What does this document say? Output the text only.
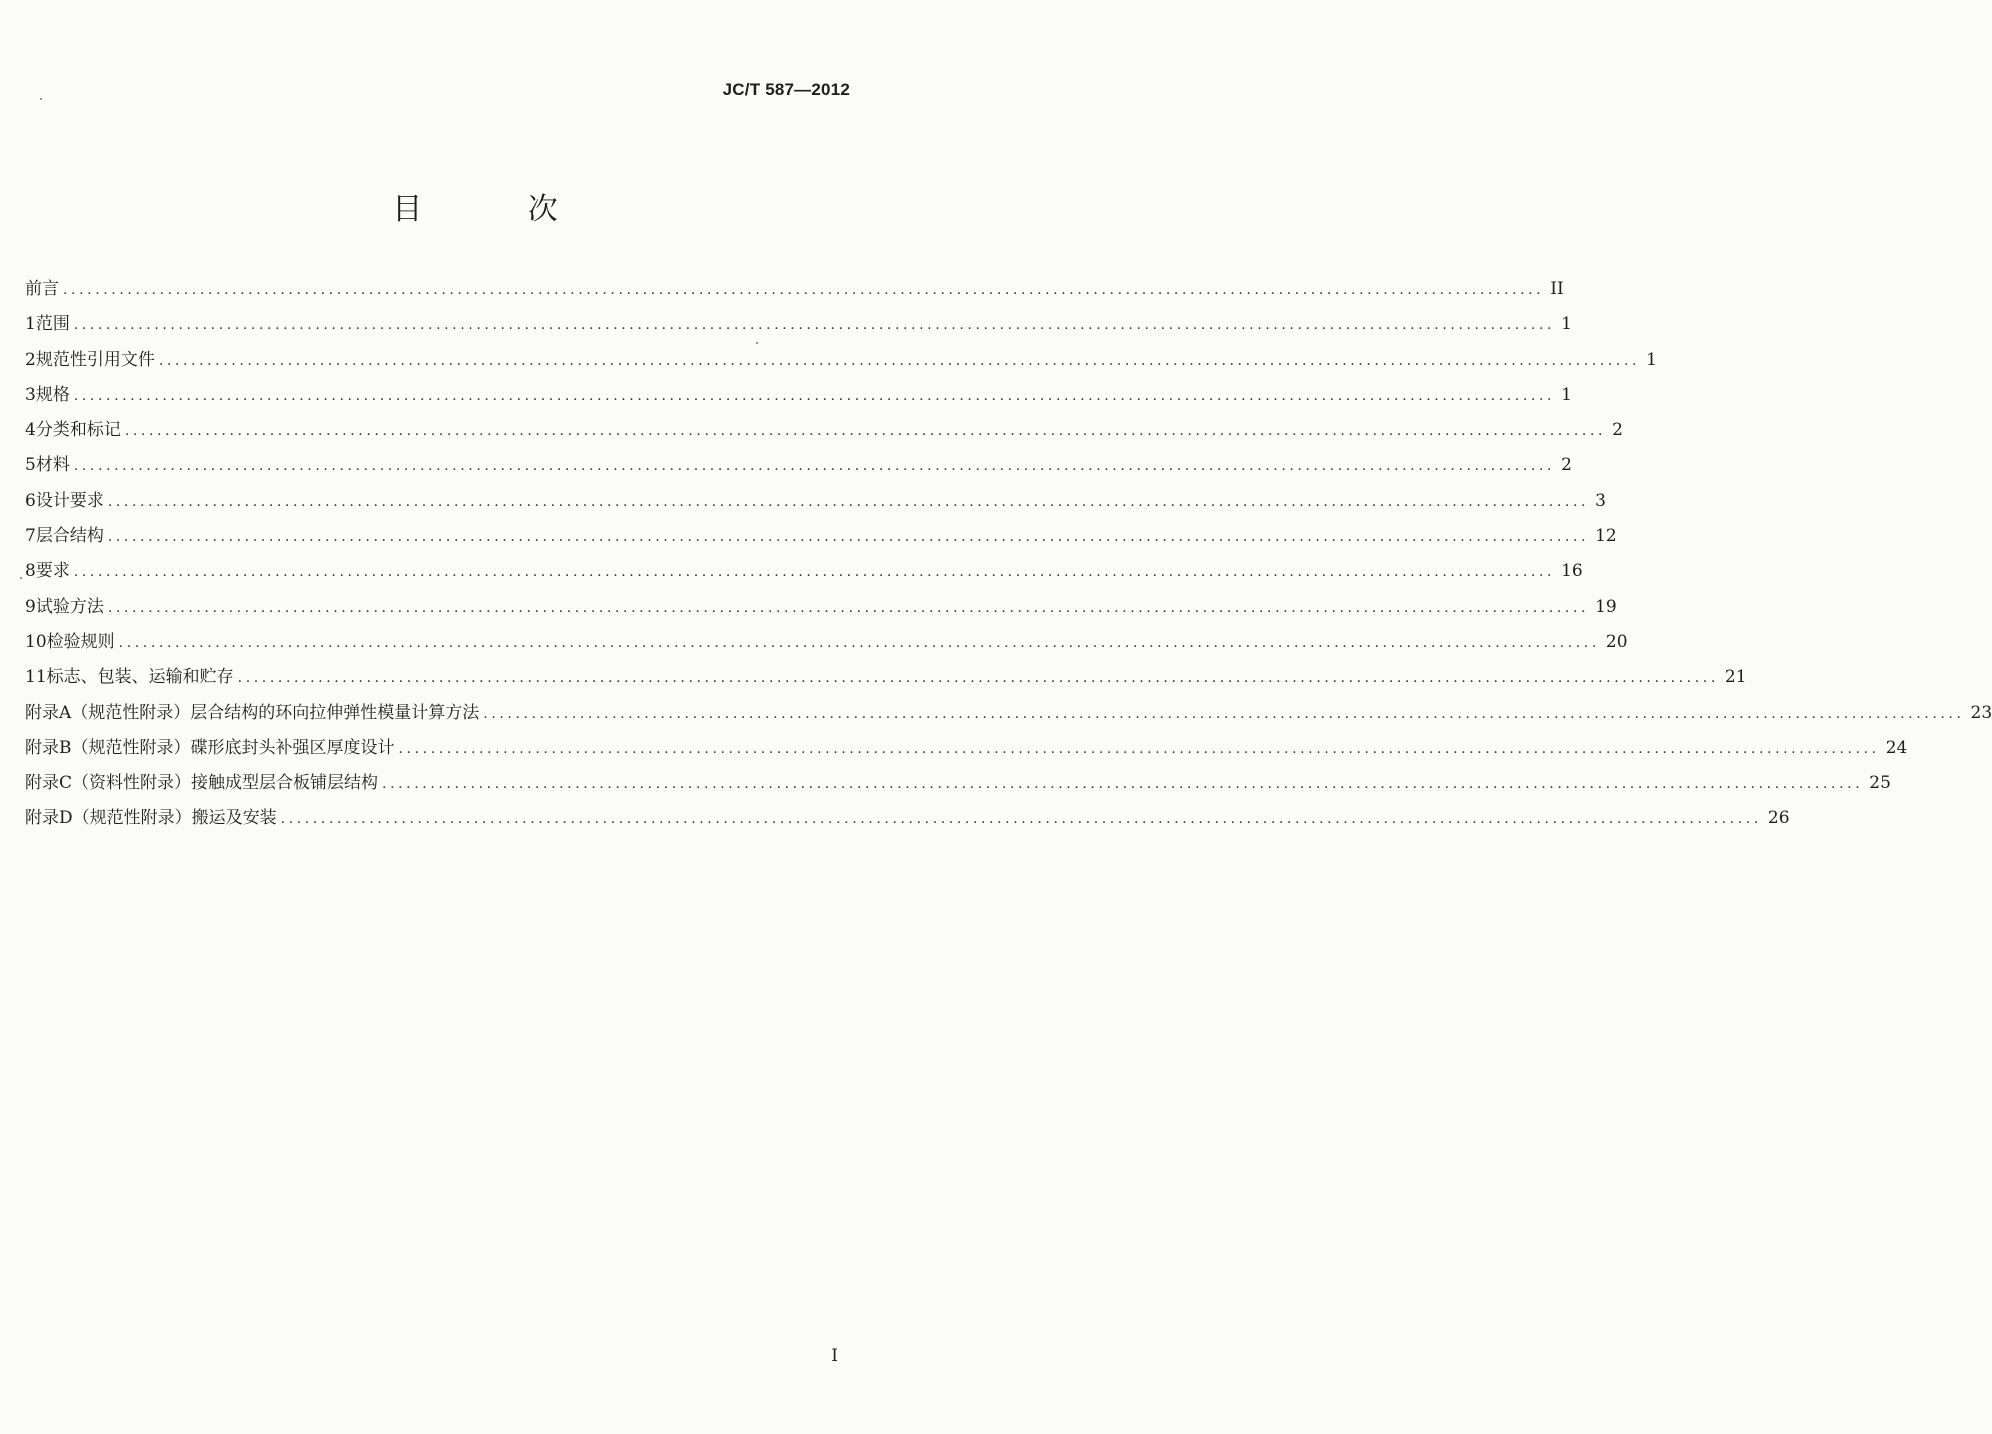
JC/T 587—2012
目 次
前言 ........................................................................................................................................................................................ II
1 范围 ........................................................................................................................................................................................ 1
2 规范性引用文件 ........................................................................................................................................................................................ 1
3 规格 ........................................................................................................................................................................................ 1
4 分类和标记 ........................................................................................................................................................................................ 2
5 材料 ........................................................................................................................................................................................ 2
6 设计要求 ........................................................................................................................................................................................ 3
7 层合结构 ........................................................................................................................................................................................ 12
8 要求 ........................................................................................................................................................................................ 16
9 试验方法 ........................................................................................................................................................................................ 19
10 检验规则 ........................................................................................................................................................................................ 20
11 标志、包装、运输和贮存 ........................................................................................................................................................................................ 21
附录A（规范性附录） 层合结构的环向拉伸弹性模量计算方法 ........................................................................................................................................................................................ 23
附录B（规范性附录） 碟形底封头补强区厚度设计 ........................................................................................................................................................................................ 24
附录C（资料性附录） 接触成型层合板铺层结构 ........................................................................................................................................................................................ 25
附录D（规范性附录） 搬运及安装 ........................................................................................................................................................................................ 26
I
